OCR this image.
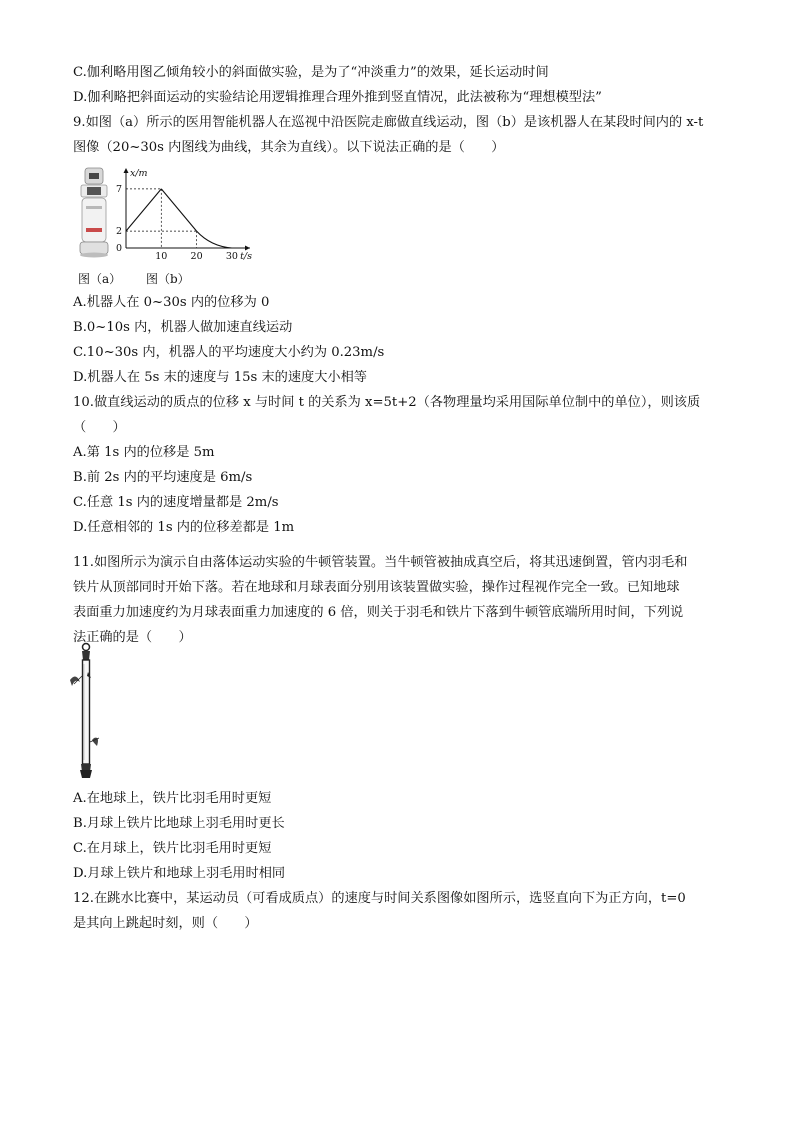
C.伽利略用图乙倾角较小的斜面做实验，是为了“冲淡重力”的效果，延长运动时间
D.伽利略把斜面运动的实验结论用逻辑推理合理外推到竖直情况，此法被称为“理想模型法”
9.如图（a）所示的医用智能机器人在巡视中沿医院走廊做直线运动，图（b）是该机器人在某段时间内的 x-t
图像（20~30s 内图线为曲线，其余为直线）。以下说法正确的是（　　）
10 20 30
7
2
0
t/s
x/m
图（a） 图（b）
A.机器人在 0~30s 内的位移为 0
B.0~10s 内，机器人做加速直线运动
C.10~30s 内，机器人的平均速度大小约为 0.23m/s
D.机器人在 5s 末的速度与 15s 末的速度大小相等
10.做直线运动的质点的位移 x 与时间 t 的关系为 x=5t+2（各物理量均采用国际单位制中的单位），则该质
（　　）
A.第 1s 内的位移是 5m
B.前 2s 内的平均速度是 6m/s
C.任意 1s 内的速度增量都是 2m/s
D.任意相邻的 1s 内的位移差都是 1m
11.如图所示为演示自由落体运动实验的牛顿管装置。当牛顿管被抽成真空后，将其迅速倒置，管内羽毛和
铁片从顶部同时开始下落。若在地球和月球表面分别用该装置做实验，操作过程视作完全一致。已知地球
表面重力加速度约为月球表面重力加速度的 6 倍，则关于羽毛和铁片下落到牛顿管底端所用时间，下列说
法正确的是（　　）
A.在地球上，铁片比羽毛用时更短
B.月球上铁片比地球上羽毛用时更长
C.在月球上，铁片比羽毛用时更短
D.月球上铁片和地球上羽毛用时相同
12.在跳水比赛中，某运动员（可看成质点）的速度与时间关系图像如图所示，选竖直向下为正方向，t=0
是其向上跳起时刻，则（　　）
